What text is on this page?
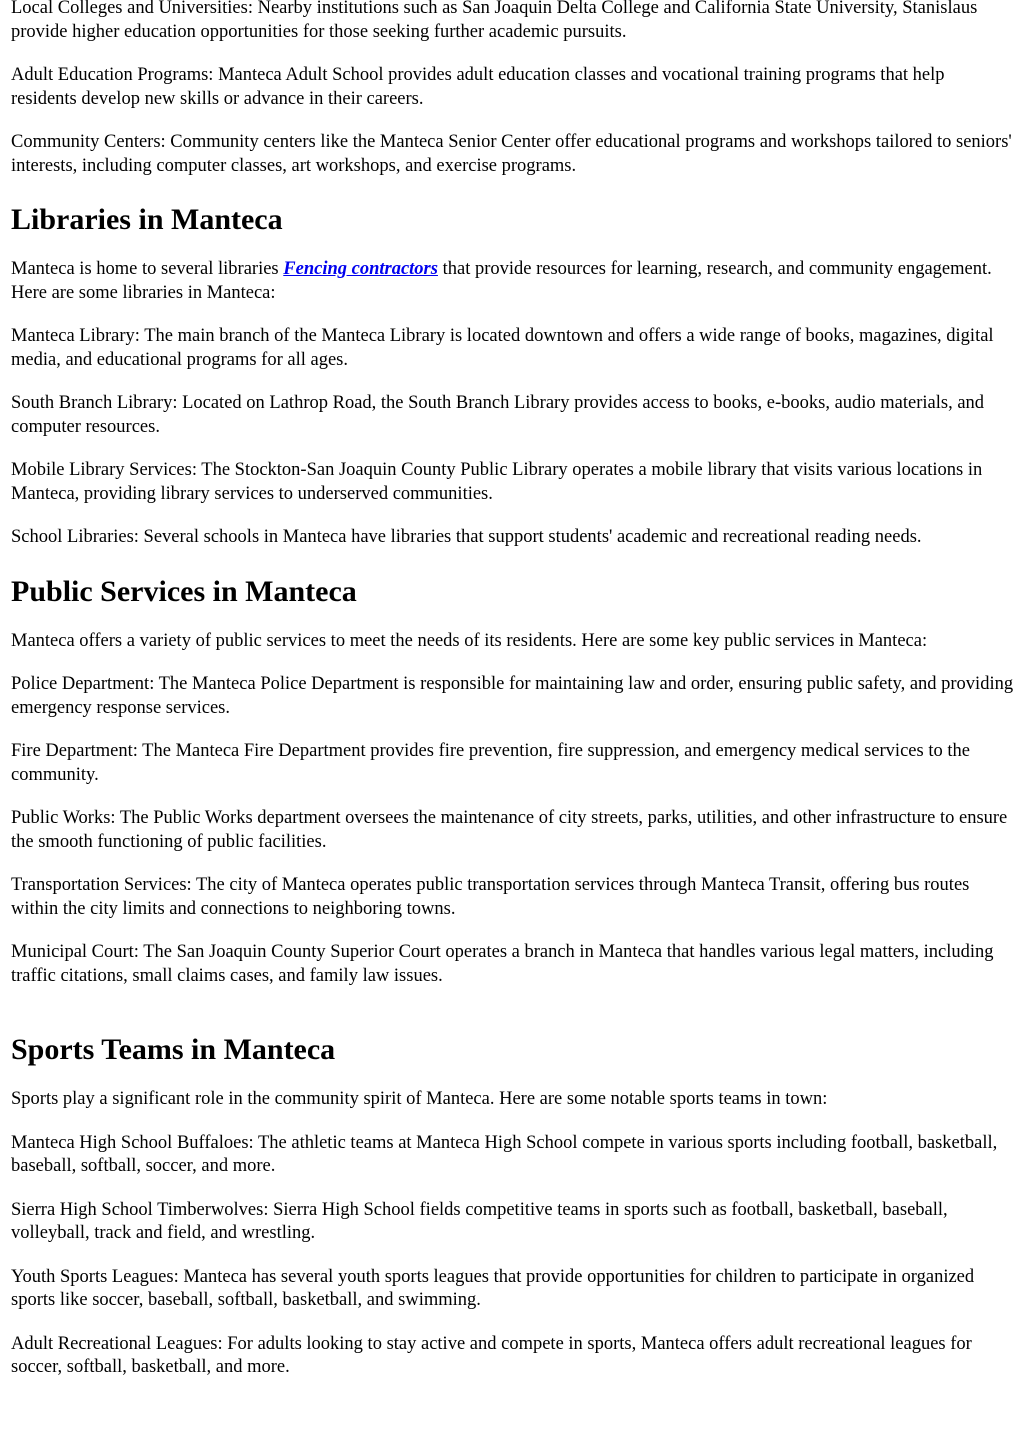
Local Colleges and Universities: Nearby institutions such as San Joaquin Delta College and California State University, Stanislaus provide higher education opportunities for those seeking further academic pursuits.

Adult Education Programs: Manteca Adult School provides adult education classes and vocational training programs that help residents develop new skills or advance in their careers.

Community Centers: Community centers like the Manteca Senior Center offer educational programs and workshops tailored to seniors' interests, including computer classes, art workshops, and exercise programs.

Libraries in Manteca

Manteca is home to several libraries Fencing contractors that provide resources for learning, research, and community engagement. Here are some libraries in Manteca:

Manteca Library: The main branch of the Manteca Library is located downtown and offers a wide range of books, magazines, digital media, and educational programs for all ages.

South Branch Library: Located on Lathrop Road, the South Branch Library provides access to books, e-books, audio materials, and computer resources.

Mobile Library Services: The Stockton-San Joaquin County Public Library operates a mobile library that visits various locations in Manteca, providing library services to underserved communities.

School Libraries: Several schools in Manteca have libraries that support students' academic and recreational reading needs.

Public Services in Manteca

Manteca offers a variety of public services to meet the needs of its residents. Here are some key public services in Manteca:

Police Department: The Manteca Police Department is responsible for maintaining law and order, ensuring public safety, and providing emergency response services.

Fire Department: The Manteca Fire Department provides fire prevention, fire suppression, and emergency medical services to the community.

Public Works: The Public Works department oversees the maintenance of city streets, parks, utilities, and other infrastructure to ensure the smooth functioning of public facilities.

Transportation Services: The city of Manteca operates public transportation services through Manteca Transit, offering bus routes within the city limits and connections to neighboring towns.

Municipal Court: The San Joaquin County Superior Court operates a branch in Manteca that handles various legal matters, including traffic citations, small claims cases, and family law issues.

Sports Teams in Manteca

Sports play a significant role in the community spirit of Manteca. Here are some notable sports teams in town:

Manteca High School Buffaloes: The athletic teams at Manteca High School compete in various sports including football, basketball, baseball, softball, soccer, and more.

Sierra High School Timberwolves: Sierra High School fields competitive teams in sports such as football, basketball, baseball, volleyball, track and field, and wrestling.

Youth Sports Leagues: Manteca has several youth sports leagues that provide opportunities for children to participate in organized sports like soccer, baseball, softball, basketball, and swimming.

Adult Recreational Leagues: For adults looking to stay active and compete in sports, Manteca offers adult recreational leagues for soccer, softball, basketball, and more.
